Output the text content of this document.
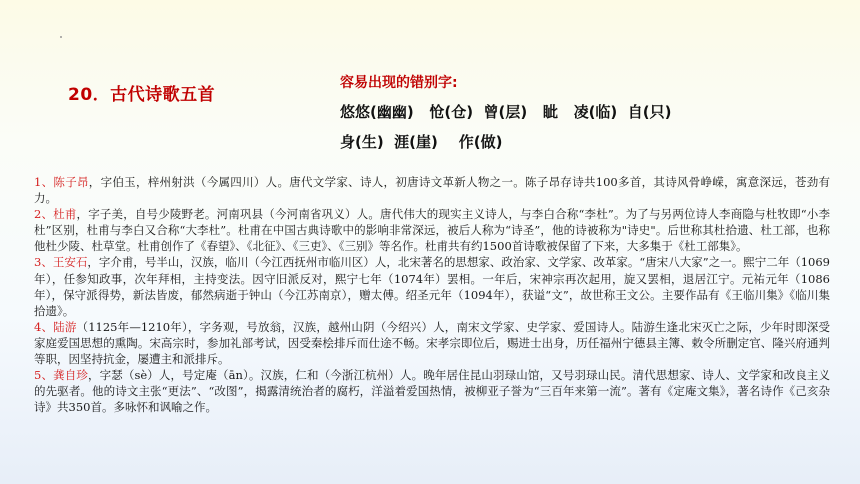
20．古代诗歌五首
容易出现的错别字:
悠悠(幽幽)   怆(仓)  曾(层)   眦   凌(临)  自(只)
身(生)  涯(崖)    作(做)

1、陈子昂，字伯玉，梓州射洪（今属四川）人。唐代文学家、诗人，初唐诗文革新人物之一。陈子昂存诗共100多首，其诗风骨峥嵘，寓意深远，苍劲有力。

2、杜甫，字子美，自号少陵野老。河南巩县（今河南省巩义）人。唐代伟大的现实主义诗人，与李白合称“李杜”。为了与另两位诗人李商隐与杜牧即“小李杜”区别，杜甫与李白又合称“大李杜”。杜甫在中国古典诗歌中的影响非常深远，被后人称为“诗圣”，他的诗被称为"诗史"。后世称其杜拾遗、杜工部，也称他杜少陵、杜草堂。杜甫创作了《春望》、《北征》、《三吏》、《三别》等名作。杜甫共有约1500首诗歌被保留了下来，大多集于《杜工部集》。

3、王安石，字介甫，号半山，汉族，临川（今江西抚州市临川区）人，北宋著名的思想家、政治家、文学家、改革家。“唐宋八大家”之一。熙宁二年（1069年），任参知政事，次年拜相，主持变法。因守旧派反对，熙宁七年（1074年）罢相。一年后，宋神宗再次起用，旋又罢相，退居江宁。元祐元年（1086年），保守派得势，新法皆废，郁然病逝于钟山（今江苏南京），赠太傅。绍圣元年（1094年），获谥“文”，故世称王文公。主要作品有《王临川集》《临川集拾遗》。

4、陆游（1125年—1210年），字务观，号放翁，汉族，越州山阴（今绍兴）人，南宋文学家、史学家、爱国诗人。陆游生逢北宋灭亡之际，少年时即深受家庭爱国思想的熏陶。宋高宗时，参加礼部考试，因受秦桧排斥而仕途不畅。宋孝宗即位后，赐进士出身，历任福州宁德县主簿、敕令所删定官、隆兴府通判等职，因坚持抗金，屡遭主和派排斥。

5、龚自珍，字瑟（sè）人，号定庵（ān）。汉族，仁和（今浙江杭州）人。晚年居住昆山羽琭山馆，又号羽琭山民。清代思想家、诗人、文学家和改良主义的先驱者。他的诗文主张“更法”、“改图”，揭露清统治者的腐朽，洋溢着爱国热情，被柳亚子誉为“三百年来第一流”。著有《定庵文集》，著名诗作《己亥杂诗》共350首。多咏怀和讽喻之作。
